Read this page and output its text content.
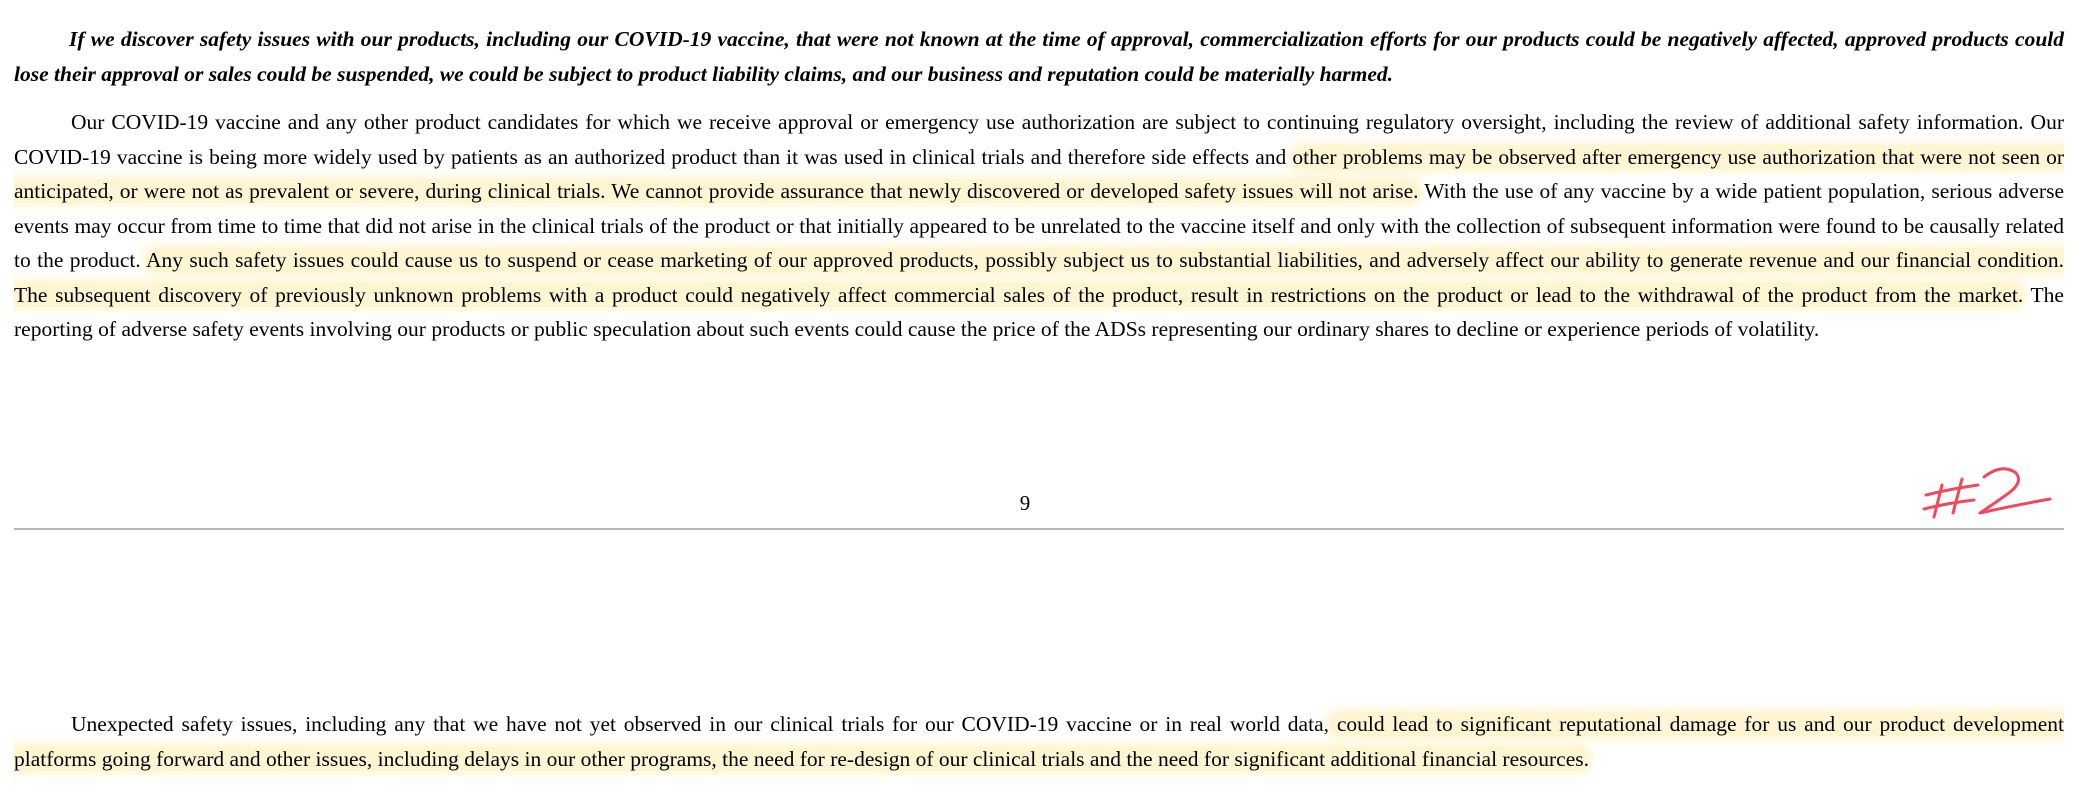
If we discover safety issues with our products, including our COVID-19 vaccine, that were not known at the time of approval, commercialization efforts for our products could be negatively affected, approved products could lose their approval or sales could be suspended, we could be subject to product liability claims, and our business and reputation could be materially harmed.

Our COVID-19 vaccine and any other product candidates for which we receive approval or emergency use authorization are subject to continuing regulatory oversight, including the review of additional safety information. Our COVID-19 vaccine is being more widely used by patients as an authorized product than it was used in clinical trials and therefore side effects and other problems may be observed after emergency use authorization that were not seen or anticipated, or were not as prevalent or severe, during clinical trials. We cannot provide assurance that newly discovered or developed safety issues will not arise. With the use of any vaccine by a wide patient population, serious adverse events may occur from time to time that did not arise in the clinical trials of the product or that initially appeared to be unrelated to the vaccine itself and only with the collection of subsequent information were found to be causally related to the product. Any such safety issues could cause us to suspend or cease marketing of our approved products, possibly subject us to substantial liabilities, and adversely affect our ability to generate revenue and our financial condition. The subsequent discovery of previously unknown problems with a product could negatively affect commercial sales of the product, result in restrictions on the product or lead to the withdrawal of the product from the market. The reporting of adverse safety events involving our products or public speculation about such events could cause the price of the ADSs representing our ordinary shares to decline or experience periods of volatility.

9

Unexpected safety issues, including any that we have not yet observed in our clinical trials for our COVID-19 vaccine or in real world data, could lead to significant reputational damage for us and our product development platforms going forward and other issues, including delays in our other programs, the need for re-design of our clinical trials and the need for significant additional financial resources.
